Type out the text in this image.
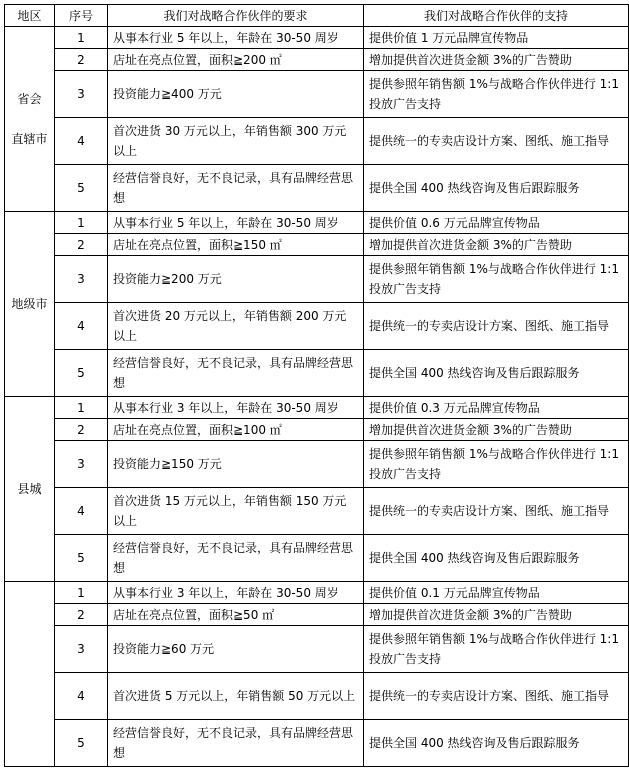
地区	序号	我们对战略合作伙伴的要求	我们对战略合作伙伴的支持

省会
直辖市	1	从事本行业 5 年以上，年龄在 30-50 周岁	提供价值 1 万元品牌宣传物品
	2	店址在亮点位置，面积≧200 ㎡	增加提供首次进货金额 3%的广告赞助
	3	投资能力≧400 万元	提供参照年销售额 1%与战略合作伙伴进行 1:1 投放广告支持
	4	首次进货 30 万元以上，年销售额 300 万元以上	提供统一的专卖店设计方案、图纸、施工指导
	5	经营信誉良好，无不良记录，具有品牌经营思想	提供全国 400 热线咨询及售后跟踪服务

地级市	1	从事本行业 5 年以上，年龄在 30-50 周岁	提供价值 0.6 万元品牌宣传物品
	2	店址在亮点位置，面积≧150 ㎡	增加提供首次进货金额 3%的广告赞助
	3	投资能力≧200 万元	提供参照年销售额 1%与战略合作伙伴进行 1:1 投放广告支持
	4	首次进货 20 万元以上，年销售额 200 万元以上	提供统一的专卖店设计方案、图纸、施工指导
	5	经营信誉良好，无不良记录，具有品牌经营思想	提供全国 400 热线咨询及售后跟踪服务

县城	1	从事本行业 3 年以上，年龄在 30-50 周岁	提供价值 0.3 万元品牌宣传物品
	2	店址在亮点位置，面积≧100 ㎡	增加提供首次进货金额 3%的广告赞助
	3	投资能力≧150 万元	提供参照年销售额 1%与战略合作伙伴进行 1:1 投放广告支持
	4	首次进货 15 万元以上，年销售额 150 万元以上	提供统一的专卖店设计方案、图纸、施工指导
	5	经营信誉良好，无不良记录，具有品牌经营思想	提供全国 400 热线咨询及售后跟踪服务

	1	从事本行业 3 年以上，年龄在 30-50 周岁	提供价值 0.1 万元品牌宣传物品
	2	店址在亮点位置，面积≧50 ㎡	增加提供首次进货金额 3%的广告赞助
	3	投资能力≧60 万元	提供参照年销售额 1%与战略合作伙伴进行 1:1 投放广告支持
	4	首次进货 5 万元以上，年销售额 50 万元以上	提供统一的专卖店设计方案、图纸、施工指导
	5	经营信誉良好，无不良记录，具有品牌经营思想	提供全国 400 热线咨询及售后跟踪服务
